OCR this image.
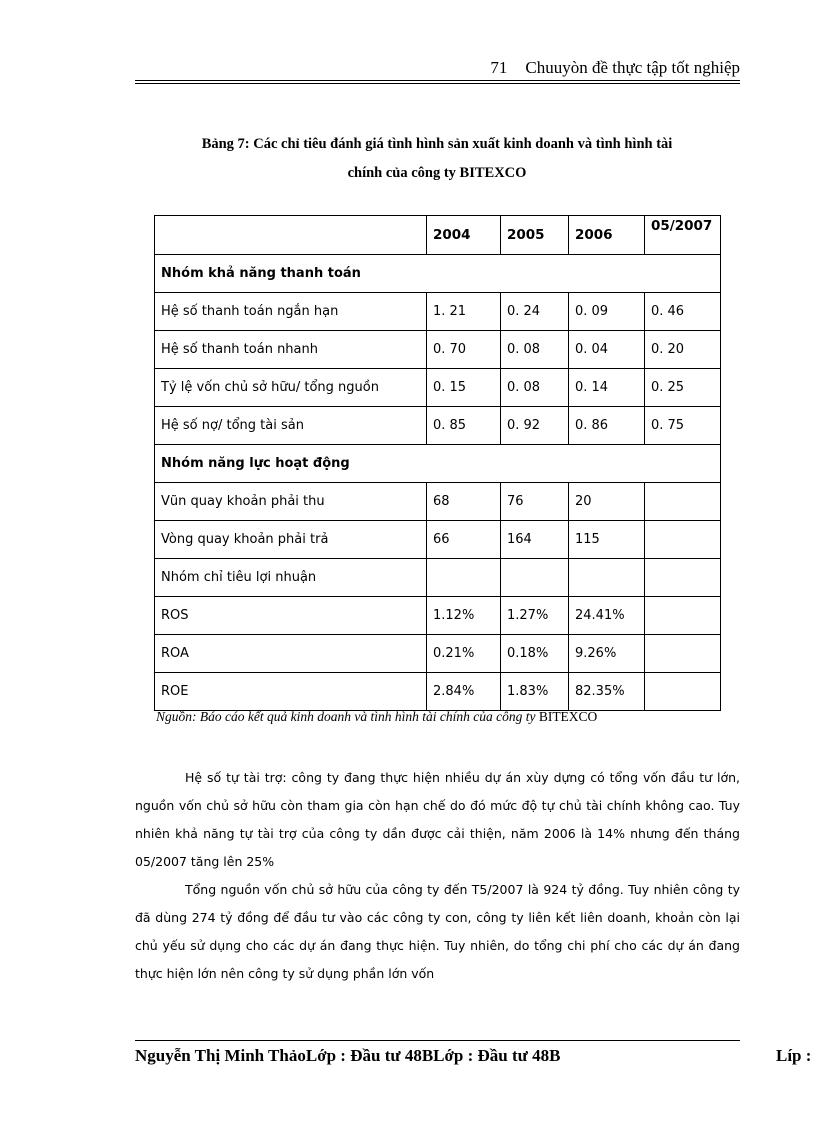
71 Chuuyòn đề thực tập tốt nghiệp
Bảng 7: Các chỉ tiêu đánh giá tình hình sản xuất kinh doanh và tình hình tài
chính của công ty BITEXCO
	2004	2005	2006	05/2007
Nhóm khả năng thanh toán				
Hệ số thanh toán ngắn hạn	1. 21	0. 24	0. 09	0. 46
Hệ số thanh toán nhanh	0. 70	0. 08	0. 04	0. 20
Tỷ lệ vốn chủ sở hữu/ tổng nguồn	0. 15	0. 08	0. 14	0. 25
Hệ số nợ/ tổng tài sản	0. 85	0. 92	0. 86	0. 75
Nhóm năng lực hoạt động				
Vũn quay khoản phải thu	68	76	20	
Vòng quay khoản phải trả	66	164	115	
Nhóm chỉ tiêu lợi nhuận				
ROS	1.12%	1.27%	24.41%	
ROA	0.21%	0.18%	9.26%	
ROE	2.84%	1.83%	82.35%	
Nguồn: Báo cáo kết quả kinh doanh và tình hình tài chính của công ty BITEXCO

Hệ số tự tài trợ: công ty đang thực hiện nhiều dự án xùy dựng có tổng vốn đầu tư lớn, nguồn vốn chủ sở hữu còn tham gia còn hạn chế do đó mức độ tự chủ tài chính không cao. Tuy nhiên khả năng tự tài trợ của công ty dần được cải thiện, năm 2006 là 14% nhưng đến tháng 05/2007 tăng lên 25%

Tổng nguồn vốn chủ sở hữu của công ty đến T5/2007 là 924 tỷ đồng. Tuy nhiên công ty đã dùng 274 tỷ đồng để đầu tư vào các công ty con, công ty liên kết liên doanh, khoản còn lại chủ yếu sử dụng cho các dự án đang thực hiện. Tuy nhiên, do tổng chi phí cho các dự án đang thực hiện lớn nên công ty sử dụng phần lớn vốn

Nguyễn Thị Minh ThảoLớp : Đầu tư 48BLớp : Đầu tư 48B	Líp :
